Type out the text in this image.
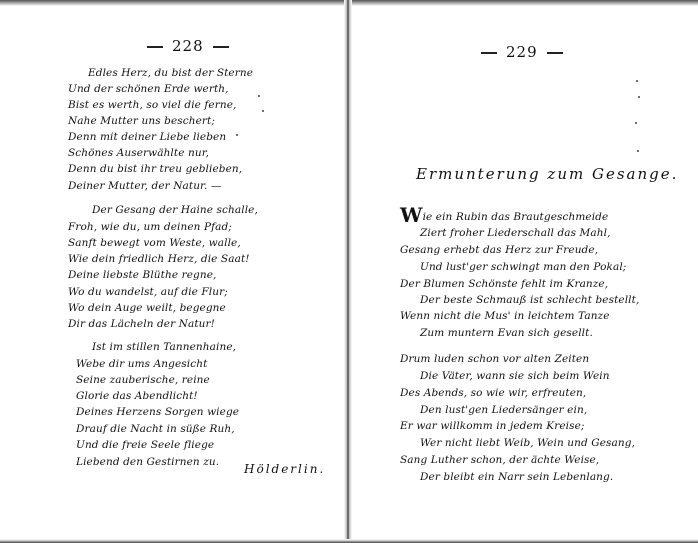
228
Edles Herz, du bist der Sterne
Und der schönen Erde werth,
Bist es werth, so viel die ferne,
Nahe Mutter uns beschert;
Denn mit deiner Liebe lieben
Schönes Auserwählte nur,
Denn du bist ihr treu geblieben,
Deiner Mutter, der Natur. —
Der Gesang der Haine schalle,
Froh, wie du, um deinen Pfad;
Sanft bewegt vom Weste, walle,
Wie dein friedlich Herz, die Saat!
Deine liebste Blüthe regne,
Wo du wandelst, auf die Flur;
Wo dein Auge weilt, begegne
Dir das Lächeln der Natur!
Ist im stillen Tannenhaine,
Webe dir ums Angesicht
Seine zauberische, reine
Glorie das Abendlicht!
Deines Herzens Sorgen wiege
Drauf die Nacht in süße Ruh,
Und die freie Seele fliege
Liebend den Gestirnen zu. Hölderlin.
229
Ermunterung zum Gesange.
Wie ein Rubin das Brautgeschmeide
Ziert froher Liederschall das Mahl,
Gesang erhebt das Herz zur Freude,
Und lust'ger schwingt man den Pokal;
Der Blumen Schönste fehlt im Kranze,
Der beste Schmauß ist schlecht bestellt,
Wenn nicht die Mus' in leichtem Tanze
Zum muntern Evan sich gesellt.
Drum luden schon vor alten Zeiten
Die Väter, wann sie sich beim Wein
Des Abends, so wie wir, erfreuten,
Den lust'gen Liedersänger ein,
Er war willkomm in jedem Kreise;
Wer nicht liebt Weib, Wein und Gesang,
Sang Luther schon, der ächte Weise,
Der bleibt ein Narr sein Lebenlang.
